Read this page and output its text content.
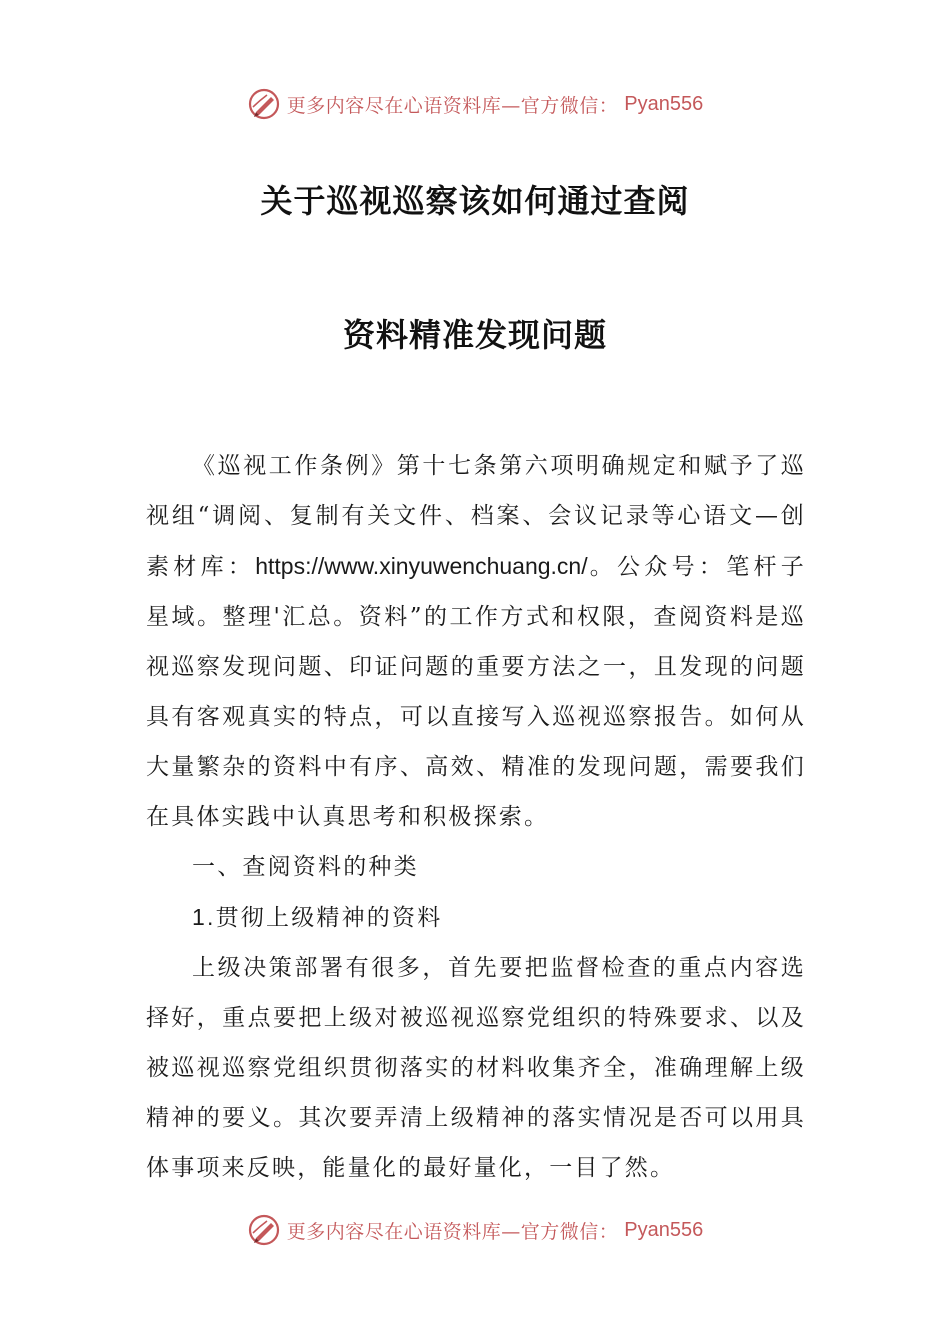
更多内容尽在心语资料库—官方微信： Pyan556
关于巡视巡察该如何通过查阅
资料精准发现问题

《巡视工作条例》第十七条第六项明确规定和赋予了巡视组“调阅、复制有关文件、档案、会议记录等心语文—创素材库：https://www.xinyuwenchuang.cn/。公众号：笔杆子星域。整理'汇总。资料”的工作方式和权限，查阅资料是巡视巡察发现问题、印证问题的重要方法之一，且发现的问题具有客观真实的特点，可以直接写入巡视巡察报告。如何从大量繁杂的资料中有序、高效、精准的发现问题，需要我们在具体实践中认真思考和积极探索。

一、查阅资料的种类

1.贯彻上级精神的资料

上级决策部署有很多，首先要把监督检查的重点内容选择好，重点要把上级对被巡视巡察党组织的特殊要求、以及被巡视巡察党组织贯彻落实的材料收集齐全，准确理解上级精神的要义。其次要弄清上级精神的落实情况是否可以用具体事项来反映，能量化的最好量化，一目了然。

更多内容尽在心语资料库—官方微信： Pyan556
